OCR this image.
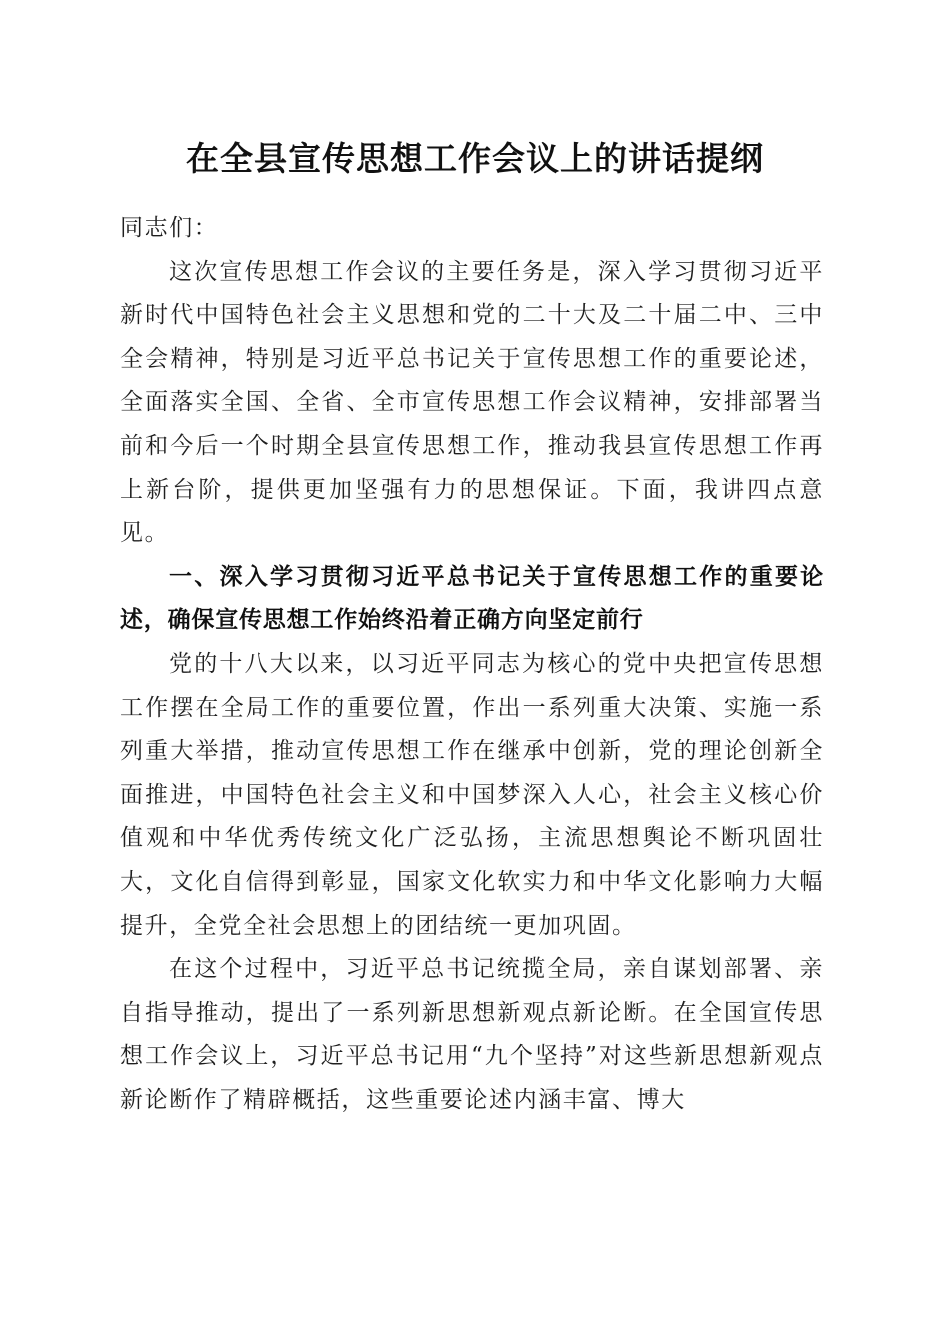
在全县宣传思想工作会议上的讲话提纲

同志们：

这次宣传思想工作会议的主要任务是，深入学习贯彻习近平新时代中国特色社会主义思想和党的二十大及二十届二中、三中全会精神，特别是习近平总书记关于宣传思想工作的重要论述，全面落实全国、全省、全市宣传思想工作会议精神，安排部署当前和今后一个时期全县宣传思想工作，推动我县宣传思想工作再上新台阶，提供更加坚强有力的思想保证。下面，我讲四点意见。

一、深入学习贯彻习近平总书记关于宣传思想工作的重要论述，确保宣传思想工作始终沿着正确方向坚定前行

党的十八大以来，以习近平同志为核心的党中央把宣传思想工作摆在全局工作的重要位置，作出一系列重大决策、实施一系列重大举措，推动宣传思想工作在继承中创新，党的理论创新全面推进，中国特色社会主义和中国梦深入人心，社会主义核心价值观和中华优秀传统文化广泛弘扬，主流思想舆论不断巩固壮大，文化自信得到彰显，国家文化软实力和中华文化影响力大幅提升，全党全社会思想上的团结统一更加巩固。

在这个过程中，习近平总书记统揽全局，亲自谋划部署、亲自指导推动，提出了一系列新思想新观点新论断。在全国宣传思想工作会议上，习近平总书记用“九个坚持”对这些新思想新观点新论断作了精辟概括，这些重要论述内涵丰富、博大
